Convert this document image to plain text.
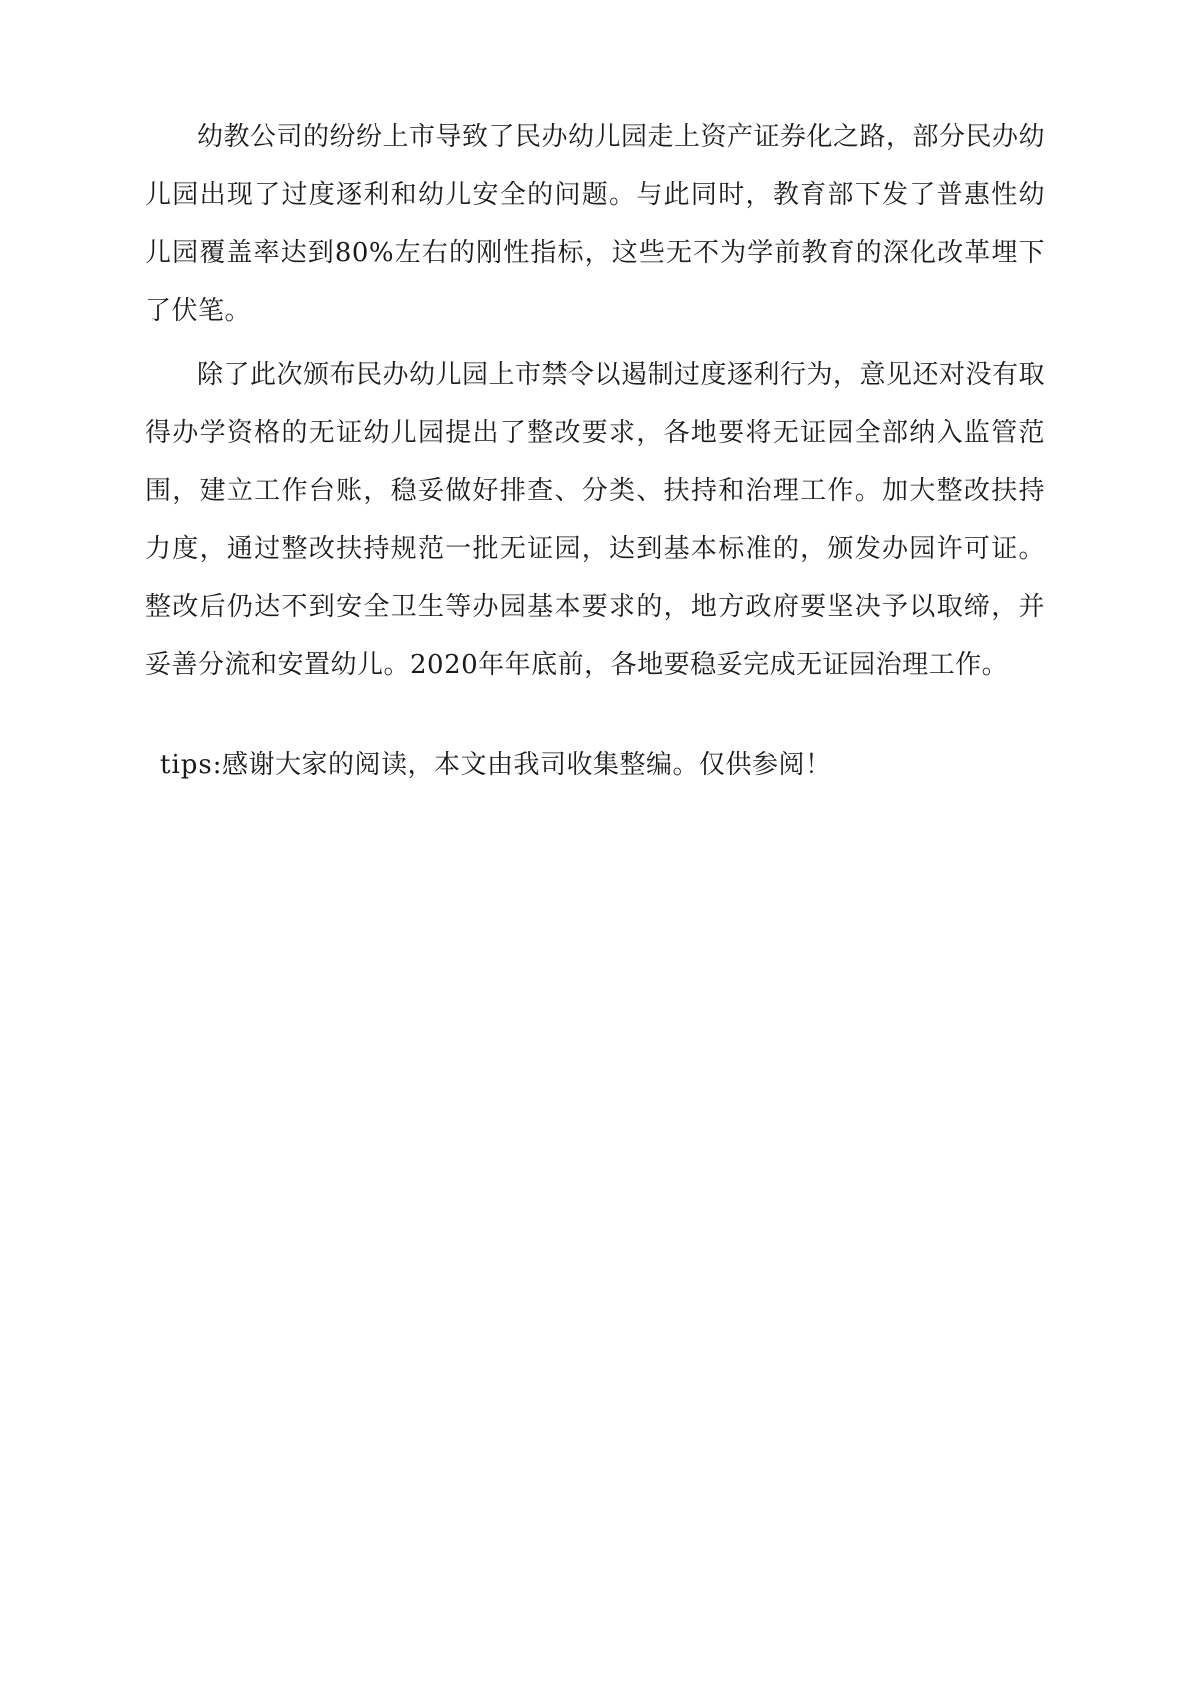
幼教公司的纷纷上市导致了民办幼儿园走上资产证券化之路，部分民办幼儿园出现了过度逐利和幼儿安全的问题。与此同时，教育部下发了普惠性幼儿园覆盖率达到80%左右的刚性指标，这些无不为学前教育的深化改革埋下了伏笔。

除了此次颁布民办幼儿园上市禁令以遏制过度逐利行为，意见还对没有取得办学资格的无证幼儿园提出了整改要求，各地要将无证园全部纳入监管范围，建立工作台账，稳妥做好排查、分类、扶持和治理工作。加大整改扶持力度，通过整改扶持规范一批无证园，达到基本标准的，颁发办园许可证。整改后仍达不到安全卫生等办园基本要求的，地方政府要坚决予以取缔，并妥善分流和安置幼儿。2020年年底前，各地要稳妥完成无证园治理工作。

tips:感谢大家的阅读，本文由我司收集整编。仅供参阅！
